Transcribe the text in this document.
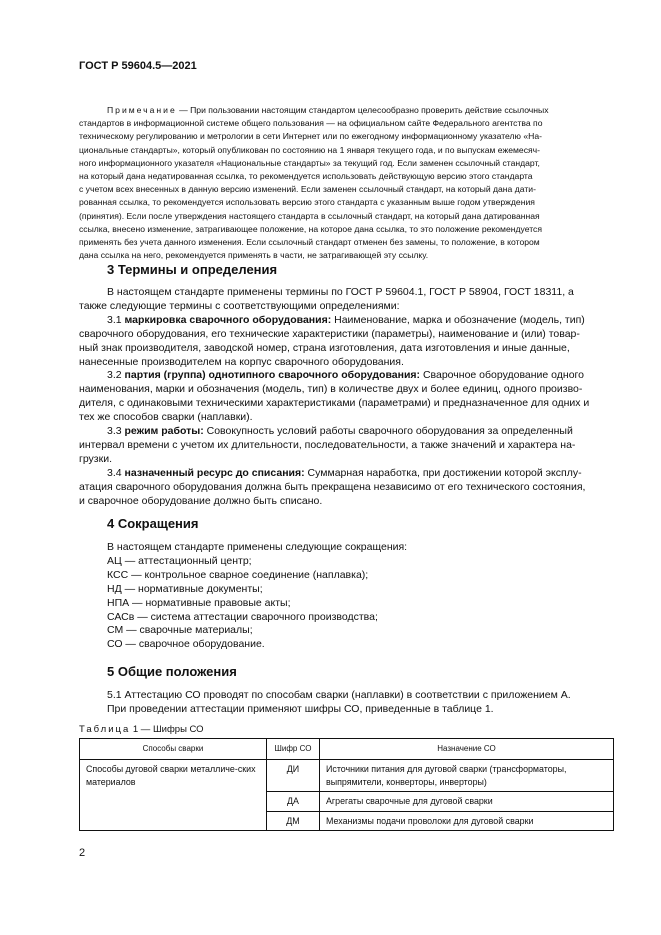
ГОСТ Р 59604.5—2021
Примечание — При пользовании настоящим стандартом целесообразно проверить действие ссылочных
стандартов в информационной системе общего пользования — на официальном сайте Федерального агентства по
техническому регулированию и метрологии в сети Интернет или по ежегодному информационному указателю «На-
циональные стандарты», который опубликован по состоянию на 1 января текущего года, и по выпускам ежемесяч-
ного информационного указателя «Национальные стандарты» за текущий год. Если заменен ссылочный стандарт,
на который дана недатированная ссылка, то рекомендуется использовать действующую версию этого стандарта
с учетом всех внесенных в данную версию изменений. Если заменен ссылочный стандарт, на который дана дати-
рованная ссылка, то рекомендуется использовать версию этого стандарта с указанным выше годом утверждения
(принятия). Если после утверждения настоящего стандарта в ссылочный стандарт, на который дана датированная
ссылка, внесено изменение, затрагивающее положение, на которое дана ссылка, то это положение рекомендуется
применять без учета данного изменения. Если ссылочный стандарт отменен без замены, то положение, в котором
дана ссылка на него, рекомендуется применять в части, не затрагивающей эту ссылку.
3 Термины и определения
В настоящем стандарте применены термины по ГОСТ Р 59604.1, ГОСТ Р 58904, ГОСТ 18311, а
также следующие термины с соответствующими определениями:
3.1 маркировка сварочного оборудования: Наименование, марка и обозначение (модель, тип)
сварочного оборудования, его технические характеристики (параметры), наименование и (или) товар-
ный знак производителя, заводской номер, страна изготовления, дата изготовления и иные данные,
нанесенные производителем на корпус сварочного оборудования.
3.2 партия (группа) однотипного сварочного оборудования: Сварочное оборудование одного
наименования, марки и обозначения (модель, тип) в количестве двух и более единиц, одного произво-
дителя, с одинаковыми техническими характеристиками (параметрами) и предназначенное для одних и
тех же способов сварки (наплавки).
3.3 режим работы: Совокупность условий работы сварочного оборудования за определенный
интервал времени с учетом их длительности, последовательности, а также значений и характера на-
грузки.
3.4 назначенный ресурс до списания: Суммарная наработка, при достижении которой эксплу-
атация сварочного оборудования должна быть прекращена независимо от его технического состояния,
и сварочное оборудование должно быть списано.
4 Сокращения
В настоящем стандарте применены следующие сокращения:
АЦ — аттестационный центр;
КСС — контрольное сварное соединение (наплавка);
НД — нормативные документы;
НПА — нормативные правовые акты;
САСв — система аттестации сварочного производства;
СМ — сварочные материалы;
СО — сварочное оборудование.
5 Общие положения
5.1 Аттестацию СО проводят по способам сварки (наплавки) в соответствии с приложением А.
При проведении аттестации применяют шифры СО, приведенные в таблице 1.
Таблица 1 — Шифры СО
Способы сварки	Шифр СО	Назначение СО
Способы дуговой сварки металличе-ских материалов	ДИ	Источники питания для дуговой сварки (трансформаторы, выпрямители, конверторы, инверторы)
	ДА	Агрегаты сварочные для дуговой сварки
	ДМ	Механизмы подачи проволоки для дуговой сварки
2
